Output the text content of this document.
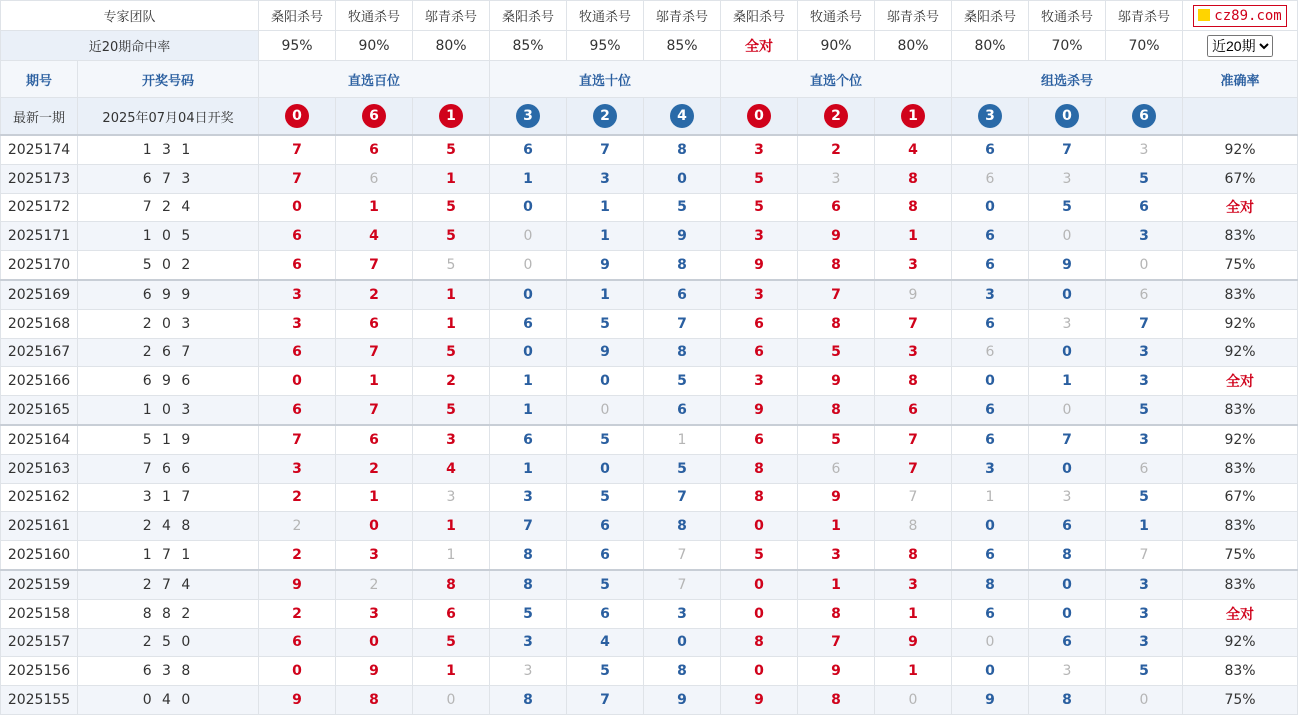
专家团队		桑阳杀号	牧通杀号	邬青杀号	桑阳杀号	牧通杀号	邬青杀号	桑阳杀号	牧通杀号	邬青杀号	桑阳杀号	牧通杀号	邬青杀号	cz89.com
近20期命中率		95%	90%	80%	85%	95%	85%	全对	90%	80%	80%	70%	70%	
近20期
期号	开奖号码	直选百位			直选十位			直选个位			组选杀号			准确率
最新一期	2025年07月04日开奖	0	6	1	3	2	4	0	2	1	3	0	6	
2025174	1 3 1	7	6	5	6	7	8	3	2	4	6	7	3	92%
2025173	6 7 3	7	6	1	1	3	0	5	3	8	6	3	5	67%
2025172	7 2 4	0	1	5	0	1	5	5	6	8	0	5	6	全对
2025171	1 0 5	6	4	5	0	1	9	3	9	1	6	0	3	83%
2025170	5 0 2	6	7	5	0	9	8	9	8	3	6	9	0	75%
2025169	6 9 9	3	2	1	0	1	6	3	7	9	3	0	6	83%
2025168	2 0 3	3	6	1	6	5	7	6	8	7	6	3	7	92%
2025167	2 6 7	6	7	5	0	9	8	6	5	3	6	0	3	92%
2025166	6 9 6	0	1	2	1	0	5	3	9	8	0	1	3	全对
2025165	1 0 3	6	7	5	1	0	6	9	8	6	6	0	5	83%
2025164	5 1 9	7	6	3	6	5	1	6	5	7	6	7	3	92%
2025163	7 6 6	3	2	4	1	0	5	8	6	7	3	0	6	83%
2025162	3 1 7	2	1	3	3	5	7	8	9	7	1	3	5	67%
2025161	2 4 8	2	0	1	7	6	8	0	1	8	0	6	1	83%
2025160	1 7 1	2	3	1	8	6	7	5	3	8	6	8	7	75%
2025159	2 7 4	9	2	8	8	5	7	0	1	3	8	0	3	83%
2025158	8 8 2	2	3	6	5	6	3	0	8	1	6	0	3	全对
2025157	2 5 0	6	0	5	3	4	0	8	7	9	0	6	3	92%
2025156	6 3 8	0	9	1	3	5	8	0	9	1	0	3	5	83%
2025155	0 4 0	9	8	0	8	7	9	9	8	0	9	8	0	75%
